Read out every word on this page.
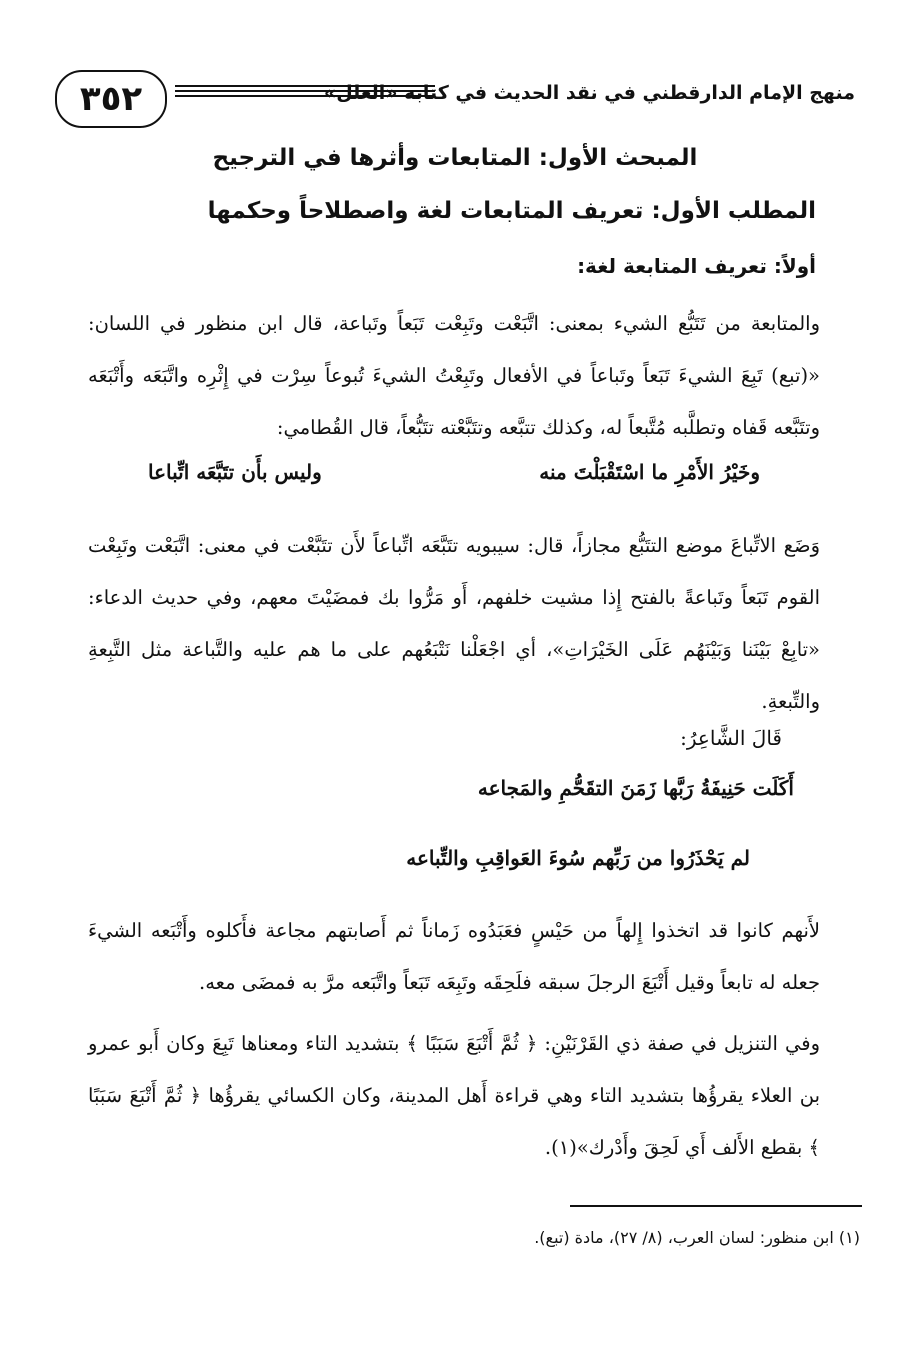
٣٥٢	منهج الإمام الدارقطني في نقد الحديث في كتابه «العلل»
المبحث الأول: المتابعات وأثرها في الترجيح
المطلب الأول: تعريف المتابعات لغة واصطلاحاً وحكمها
أولاً: تعريف المتابعة لغة:
والمتابعة من تَتَبُّع الشيء بمعنى: اتَّبَعْت وتَبِعْت تَبَعاً وتَباعة، قال ابن منظور في اللسان: «(تبع) تَبِعَ الشيءَ تَبَعاً وتَباعاً في الأفعال وتَبِعْتُ الشيءَ تُبوعاً سِرْت في إِثْرِه واتَّبَعَه وأَتْبَعَه وتتَبَّعه قَفاه وتطلَّبه مُتَّبعاً له، وكذلك تتبَّعه وتتَبَّعْته تتَبُّعاً، قال القُطامي:
وخَيْرُ الأَمْرِ ما اسْتَقْبَلْتَ منه
وليس بأَن تتَبَّعَه اتِّباعا
وَضَع الاتِّباعَ موضع التتَبُّع مجازاً، قال: سيبويه تتَبَّعَه اتِّباعاً لأَن تتَبَّعْت في معنى: اتَّبَعْت وتَبِعْت القوم تَبَعاً وتَباعةً بالفتح إِذا مشيت خلفهم، أَو مَرُّوا بك فمضَيْتَ معهم، وفي حديث الدعاء: «تابِعْ بَيْنَنا وَبَيْنَهُم عَلَى الخَيْرَاتِ»، أي اجْعَلْنا نَتْبَعُهم على ما هم عليه والتَّباعة مثل التَّبِعةِ والتِّبعةِ.
قَالَ الشَّاعِرُ:
أَكَلَت حَنِيفَةُ رَبَّها زَمَنَ التقَحُّمِ والمَجاعه
لم يَحْذَرُوا من رَبِّهم سُوءَ العَواقِبِ والتِّباعه
لأَنهم كانوا قد اتخذوا إِلهاً من حَيْسٍ فعَبَدُوه زَماناً ثم أَصابتهم مجاعة فأَكلوه وأَتْبَعه الشيءَ جعله له تابعاً وقيل أَتْبَعَ الرجلَ سبقه فلَحِقَه وتَبِعَه تَبَعاً واتَّبَعه مرَّ به فمضَى معه.
وفي التنزيل في صفة ذي القَرْنَيْنِ: ﴿ ثُمَّ أَتْبَعَ سَبَبًا ﴾ بتشديد التاء ومعناها تَبِعَ وكان أَبو عمرو بن العلاء يقرؤُها بتشديد التاء وهي قراءة أَهل المدينة، وكان الكسائي يقرؤُها ﴿ ثُمَّ أَتْبَعَ سَبَبًا ﴾ بقطع الأَلف أَي لَحِقَ وأَدْرك»(١).
(١) ابن منظور: لسان العرب، (٨/ ٢٧)، مادة (تبع).
